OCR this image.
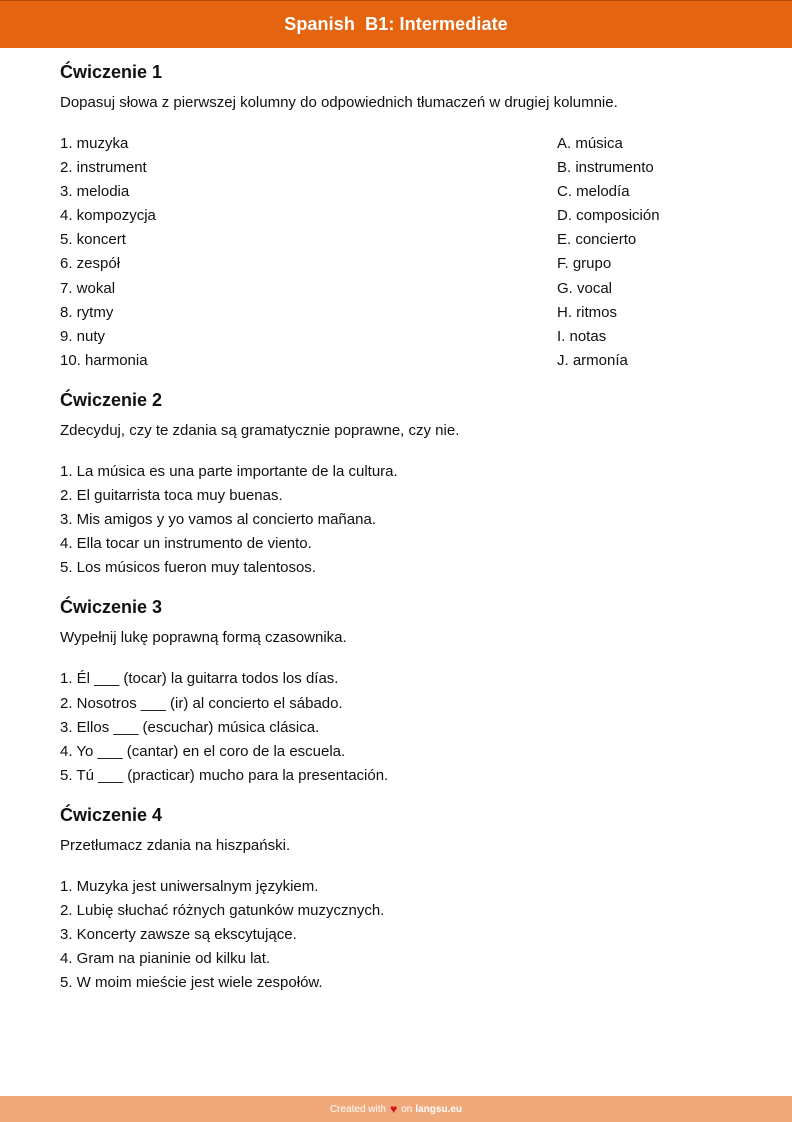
Spanish  B1: Intermediate
Ćwiczenie 1
Dopasuj słowa z pierwszej kolumny do odpowiednich tłumaczeń w drugiej kolumnie.
1. muzyka
2. instrument
3. melodia
4. kompozycja
5. koncert
6. zespół
7. wokal
8. rytmy
9. nuty
10. harmonia
A. música
B. instrumento
C. melodía
D. composición
E. concierto
F. grupo
G. vocal
H. ritmos
I. notas
J. armonía
Ćwiczenie 2
Zdecyduj, czy te zdania są gramatycznie poprawne, czy nie.
1. La música es una parte importante de la cultura.
2. El guitarrista toca muy buenas.
3. Mis amigos y yo vamos al concierto mañana.
4. Ella tocar un instrumento de viento.
5. Los músicos fueron muy talentosos.
Ćwiczenie 3
Wypełnij lukę poprawną formą czasownika.
1. Él ___ (tocar) la guitarra todos los días.
2. Nosotros ___ (ir) al concierto el sábado.
3. Ellos ___ (escuchar) música clásica.
4. Yo ___ (cantar) en el coro de la escuela.
5. Tú ___ (practicar) mucho para la presentación.
Ćwiczenie 4
Przetłumacz zdania na hiszpański.
1. Muzyka jest uniwersalnym językiem.
2. Lubię słuchać różnych gatunków muzycznych.
3. Koncerty zawsze są ekscytujące.
4. Gram na pianinie od kilku lat.
5. W moim mieście jest wiele zespołów.
Created with ♥ on langsu.eu
